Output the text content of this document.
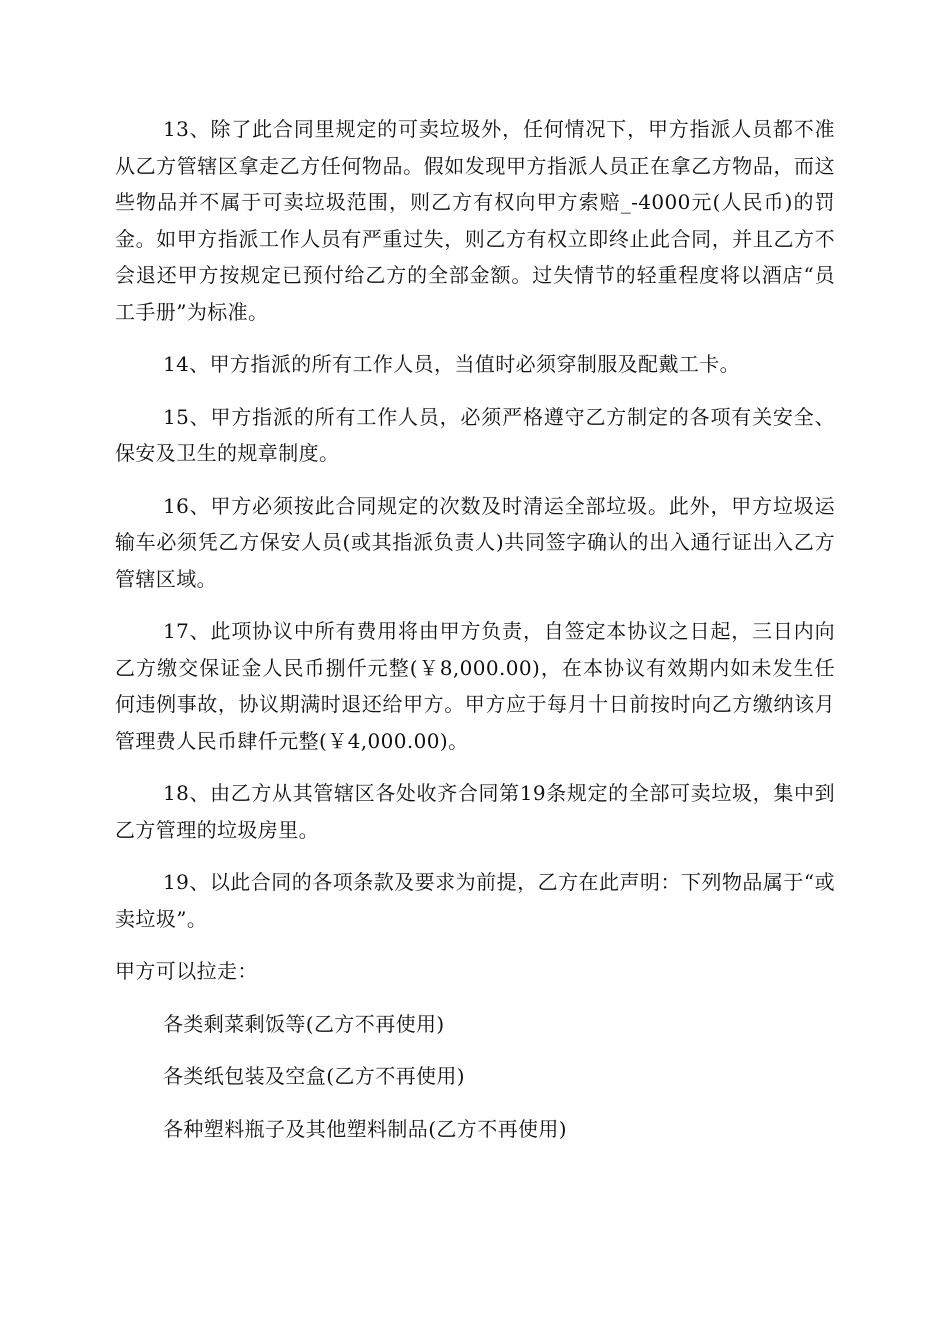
13、除了此合同里规定的可卖垃圾外，任何情况下，甲方指派人员都不准从乙方管辖区拿走乙方任何物品。假如发现甲方指派人员正在拿乙方物品，而这些物品并不属于可卖垃圾范围，则乙方有权向甲方索赔_-4000元(人民币)的罚金。如甲方指派工作人员有严重过失，则乙方有权立即终止此合同，并且乙方不会退还甲方按规定已预付给乙方的全部金额。过失情节的轻重程度将以酒店“员工手册”为标准。

14、甲方指派的所有工作人员，当值时必须穿制服及配戴工卡。

15、甲方指派的所有工作人员，必须严格遵守乙方制定的各项有关安全、保安及卫生的规章制度。

16、甲方必须按此合同规定的次数及时清运全部垃圾。此外，甲方垃圾运输车必须凭乙方保安人员(或其指派负责人)共同签字确认的出入通行证出入乙方管辖区域。

17、此项协议中所有费用将由甲方负责，自签定本协议之日起，三日内向乙方缴交保证金人民币捌仟元整(￥8,000.00)，在本协议有效期内如未发生任何违例事故，协议期满时退还给甲方。甲方应于每月十日前按时向乙方缴纳该月管理费人民币肆仟元整(￥4,000.00)。

18、由乙方从其管辖区各处收齐合同第19条规定的全部可卖垃圾，集中到乙方管理的垃圾房里。

19、以此合同的各项条款及要求为前提，乙方在此声明：下列物品属于“或卖垃圾”。

甲方可以拉走：

各类剩菜剩饭等(乙方不再使用)

各类纸包装及空盒(乙方不再使用)

各种塑料瓶子及其他塑料制品(乙方不再使用)
